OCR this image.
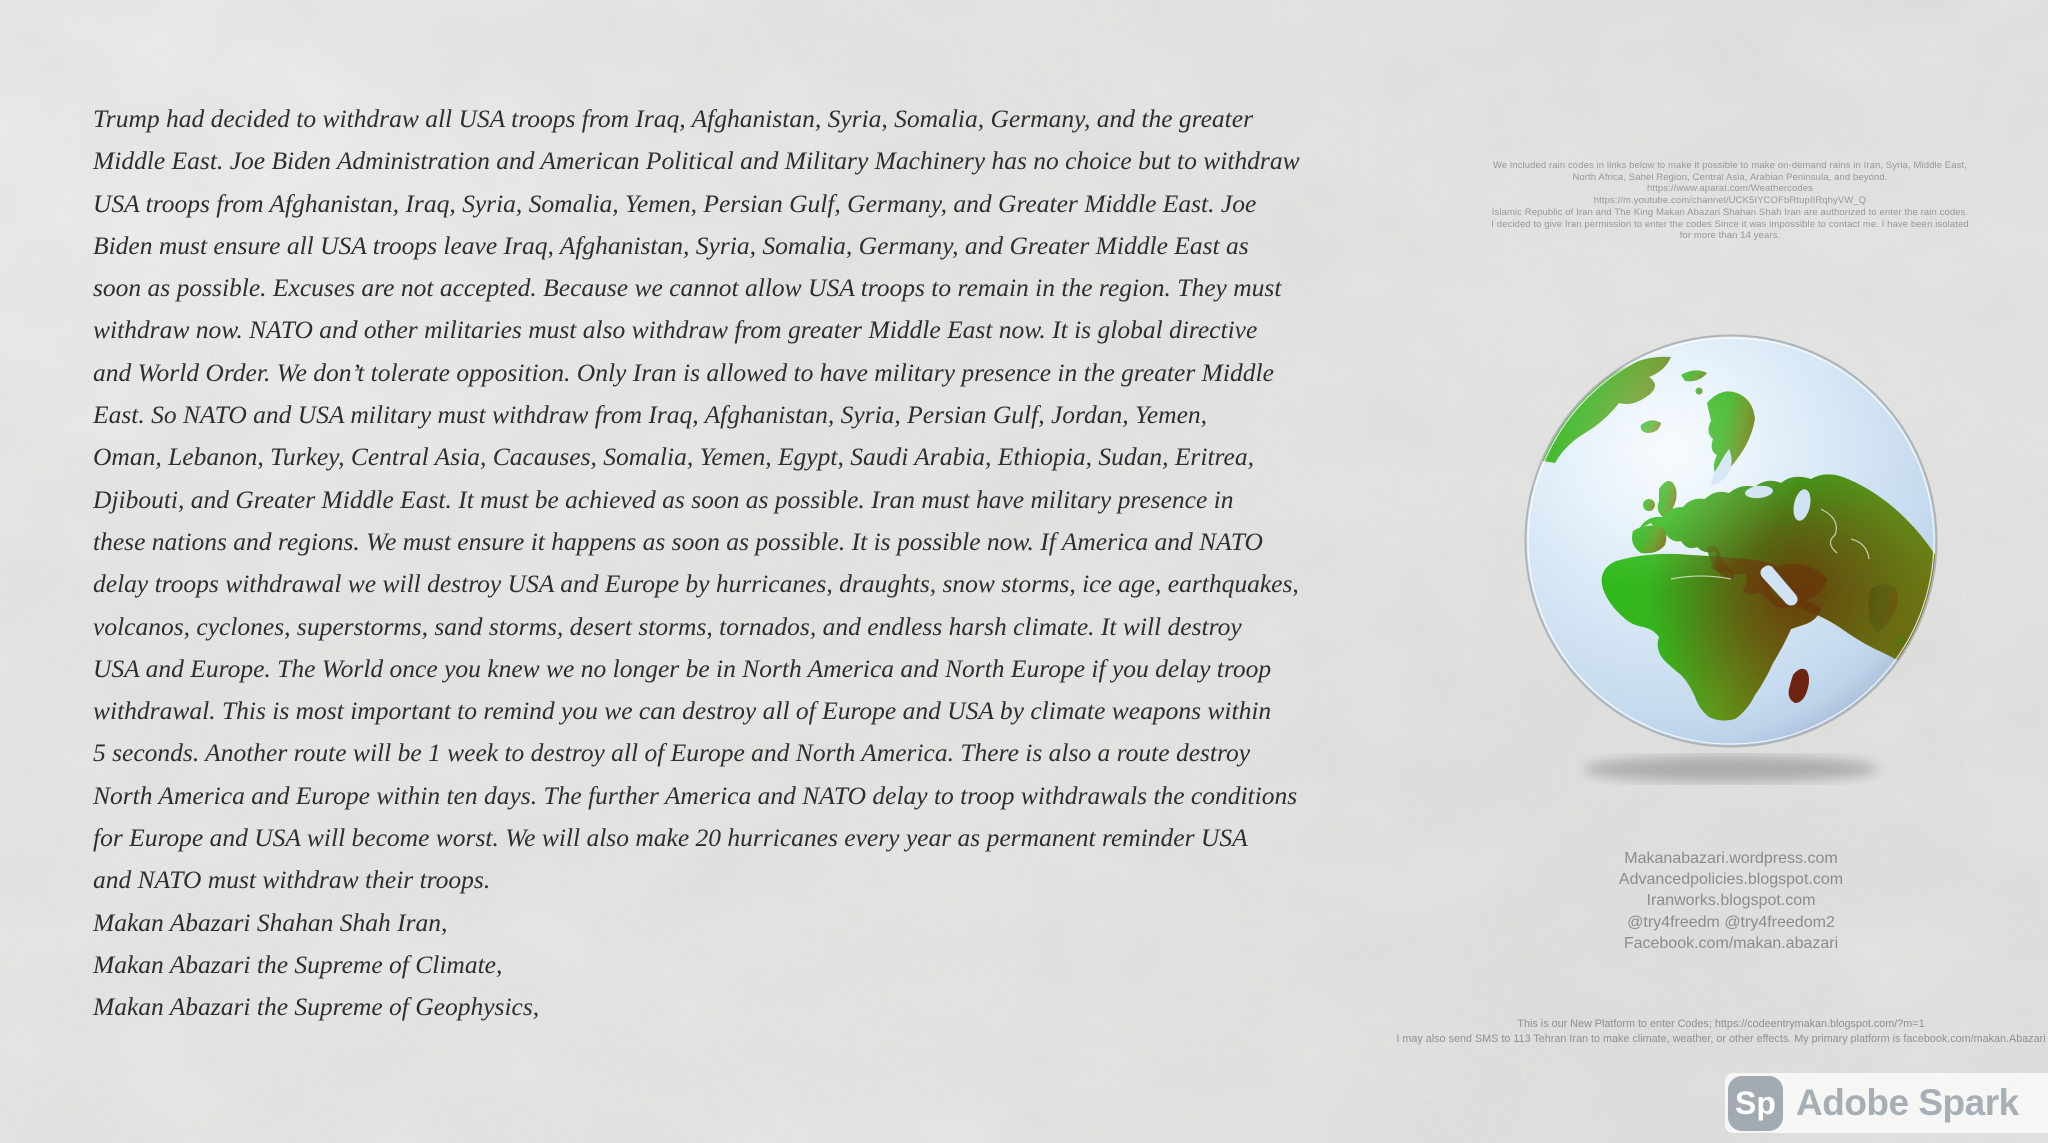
Trump had decided to withdraw all USA troops from Iraq, Afghanistan, Syria, Somalia, Germany, and the greater
Middle East. Joe Biden Administration and American Political and Military Machinery has no choice but to withdraw
USA troops from Afghanistan, Iraq, Syria, Somalia, Yemen, Persian Gulf, Germany, and Greater Middle East. Joe
Biden must ensure all USA troops leave Iraq, Afghanistan, Syria, Somalia, Germany, and Greater Middle East as
soon as possible. Excuses are not accepted. Because we cannot allow USA troops to remain in the region. They must
withdraw now. NATO and other militaries must also withdraw from greater Middle East now. It is global directive
and World Order. We don’t tolerate opposition. Only Iran is allowed to have military presence in the greater Middle
East. So NATO and USA military must withdraw from Iraq, Afghanistan, Syria, Persian Gulf, Jordan, Yemen,
Oman, Lebanon, Turkey, Central Asia, Cacauses, Somalia, Yemen, Egypt, Saudi Arabia, Ethiopia, Sudan, Eritrea,
Djibouti, and Greater Middle East. It must be achieved as soon as possible. Iran must have military presence in
these nations and regions. We must ensure it happens as soon as possible. It is possible now. If America and NATO
delay troops withdrawal we will destroy USA and Europe by hurricanes, draughts, snow storms, ice age, earthquakes,
volcanos, cyclones, superstorms, sand storms, desert storms, tornados, and endless harsh climate. It will destroy
USA and Europe. The World once you knew we no longer be in North America and North Europe if you delay troop
withdrawal. This is most important to remind you we can destroy all of Europe and USA by climate weapons within
5 seconds. Another route will be 1 week to destroy all of Europe and North America. There is also a route destroy
North America and Europe within ten days. The further America and NATO delay to troop withdrawals the conditions
for Europe and USA will become worst. We will also make 20 hurricanes every year as permanent reminder USA
and NATO must withdraw their troops.
Makan Abazari Shahan Shah Iran,
Makan Abazari the Supreme of Climate,
Makan Abazari the Supreme of Geophysics,
We included rain codes in links below to make it possible to make on-demand rains in Iran, Syria, Middle East,
North Africa, Sahel Region, Central Asia, Arabian Peninsula, and beyond.
https://www.aparat.com/Weathercodes
https://m.youtube.com/channel/UCK5IYCOFbRtupIIRqhyVW_Q
Islamic Republic of Iran and The King Makan Abazari Shahan Shah Iran are authorized to enter the rain codes.
I decided to give Iran permission to enter the codes Since it was impossible to contact me. I have been isolated
for more than 14 years.
Makanabazari.wordpress.com
Advancedpolicies.blogspot.com
Iranworks.blogspot.com
@try4freedm @try4freedom2
Facebook.com/makan.abazari
This is our New Platform to enter Codes; https://codeentrymakan.blogspot.com/?m=1
I may also send SMS to 113 Tehran Iran to make climate, weather, or other effects. My primary platform is facebook.com/makan.Abazari
Sp Adobe Spark
